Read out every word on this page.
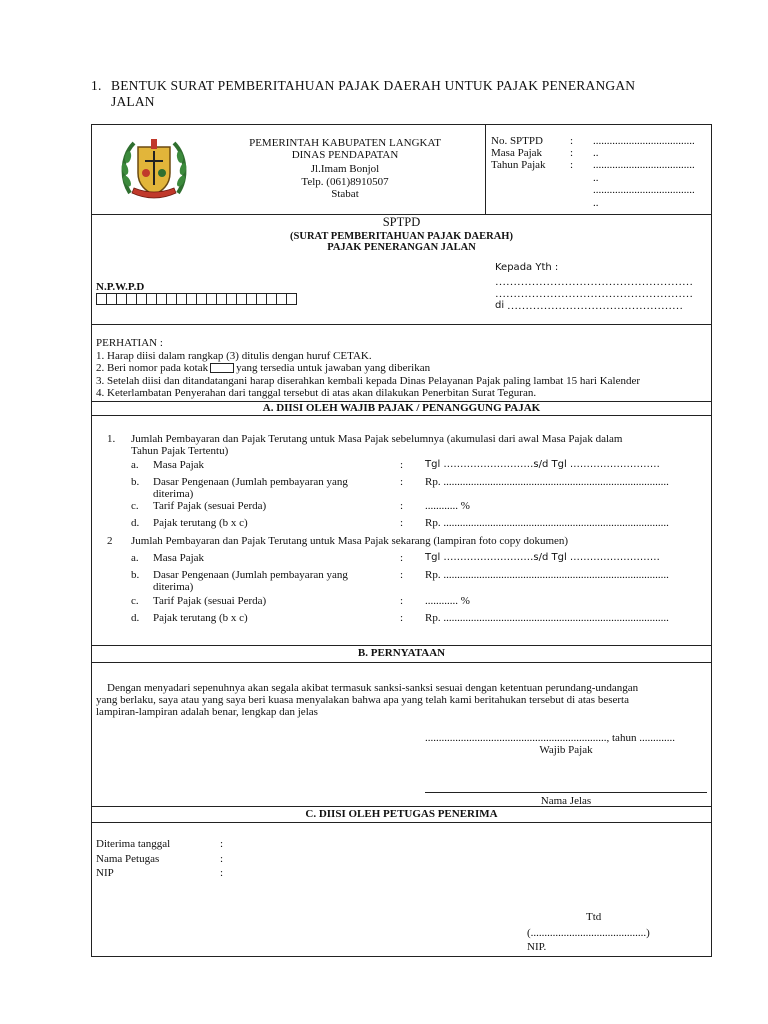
1. BENTUK SURAT PEMBERITAHUAN PAJAK DAERAH UNTUK PAJAK PENERANGAN
JALAN
PEMERINTAH KABUPATEN LANGKAT
DINAS PENDAPATAN
Jl.Imam Bonjol
Telp. (061)8910507
Stabat
No. SPTPD : .....................................
Masa Pajak	: ..
Tahun Pajak : .....................................
..
.....................................
..
SPTPD
(SURAT PEMBERITAHUAN PAJAK DAERAH)
PAJAK PENERANGAN JALAN
Kepada Yth :
………………………………………………
………………………………………………
di …………………………………………
N.P.W.P.D
PERHATIAN :
1. Harap diisi dalam rangkap (3) ditulis dengan huruf CETAK.
2. Beri nomor pada kotak	yang tersedia untuk jawaban yang diberikan
3. Setelah diisi dan ditandatangani harap diserahkan kembali kepada Dinas Pelayanan Pajak paling lambat 15 hari Kalender
4. Keterlambatan Penyerahan dari tanggal tersebut di atas akan dilakukan Penerbitan Surat Teguran.
A. DIISI OLEH WAJIB PAJAK / PENANGGUNG PAJAK
1. Jumlah Pembayaran dan Pajak Terutang untuk Masa Pajak sebelumnya (akumulasi dari awal Masa Pajak dalam
Tahun Pajak Tertentu)
a. Masa Pajak	: Tgl ………………………s/d Tgl ………………………
b. Dasar Pengenaan (Jumlah pembayaran yang
diterima)
: Rp. ..................................................................................
c. Tarif Pajak (sesuai Perda)	: ............ %
d. Pajak terutang (b x c)	: Rp. ..................................................................................
2 Jumlah Pembayaran dan Pajak Terutang untuk Masa Pajak sekarang (lampiran foto copy dokumen)
a. Masa Pajak	: Tgl ………………………s/d Tgl ………………………
b. Dasar Pengenaan (Jumlah pembayaran yang
diterima)
: Rp. ..................................................................................
c. Tarif Pajak (sesuai Perda)	: ............ %
d. Pajak terutang (b x c)	: Rp. ..................................................................................
B. PERNYATAAN
Dengan menyadari sepenuhnya akan segala akibat termasuk sanksi-sanksi sesuai dengan ketentuan perundang-undangan
yang berlaku, saya atau yang saya beri kuasa menyalakan bahwa apa yang telah kami beritahukan tersebut di atas beserta
lampiran-lampiran adalah benar, lengkap dan jelas
.................................................................., tahun .............
Wajib Pajak
Nama Jelas
C. DIISI OLEH PETUGAS PENERIMA
Diterima tanggal	:
Nama Petugas	:
NIP	:
Ttd
(..........................................)
NIP.
